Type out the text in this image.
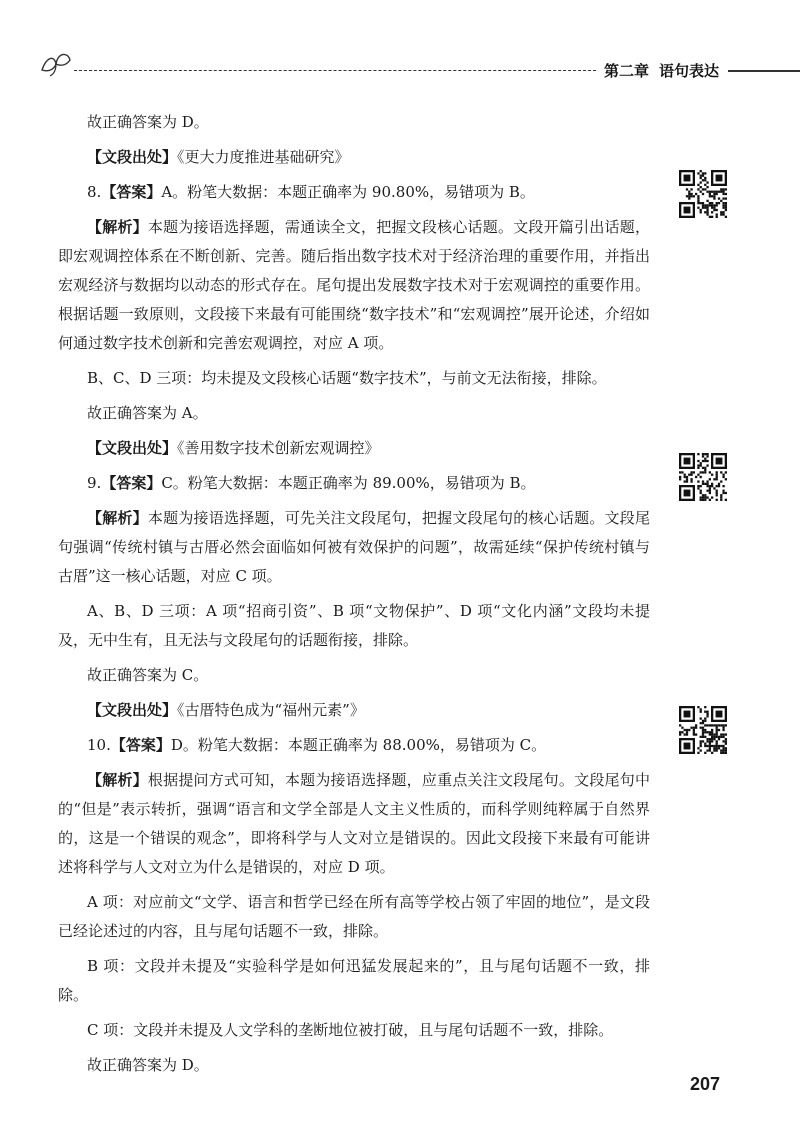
第二章 语句表达

故正确答案为 D。

【文段出处】《更大力度推进基础研究》

8.【答案】A。粉笔大数据：本题正确率为 90.80%，易错项为 B。

【解析】本题为接语选择题，需通读全文，把握文段核心话题。文段开篇引出话题，即宏观调控体系在不断创新、完善。随后指出数字技术对于经济治理的重要作用，并指出宏观经济与数据均以动态的形式存在。尾句提出发展数字技术对于宏观调控的重要作用。根据话题一致原则，文段接下来最有可能围绕“数字技术”和“宏观调控”展开论述，介绍如何通过数字技术创新和完善宏观调控，对应 A 项。

B、C、D 三项：均未提及文段核心话题“数字技术”，与前文无法衔接，排除。

故正确答案为 A。

【文段出处】《善用数字技术创新宏观调控》

9.【答案】C。粉笔大数据：本题正确率为 89.00%，易错项为 B。

【解析】本题为接语选择题，可先关注文段尾句，把握文段尾句的核心话题。文段尾句强调“传统村镇与古厝必然会面临如何被有效保护的问题”，故需延续“保护传统村镇与古厝”这一核心话题，对应 C 项。

A、B、D 三项：A 项“招商引资”、B 项“文物保护”、D 项“文化内涵”文段均未提及，无中生有，且无法与文段尾句的话题衔接，排除。

故正确答案为 C。

【文段出处】《古厝特色成为“福州元素”》

10.【答案】D。粉笔大数据：本题正确率为 88.00%，易错项为 C。

【解析】根据提问方式可知，本题为接语选择题，应重点关注文段尾句。文段尾句中的“但是”表示转折，强调“语言和文学全部是人文主义性质的，而科学则纯粹属于自然界的，这是一个错误的观念”，即将科学与人文对立是错误的。因此文段接下来最有可能讲述将科学与人文对立为什么是错误的，对应 D 项。

A 项：对应前文“文学、语言和哲学已经在所有高等学校占领了牢固的地位”，是文段已经论述过的内容，且与尾句话题不一致，排除。

B 项：文段并未提及“实验科学是如何迅猛发展起来的”，且与尾句话题不一致，排除。

C 项：文段并未提及人文学科的垄断地位被打破，且与尾句话题不一致，排除。

故正确答案为 D。

207
